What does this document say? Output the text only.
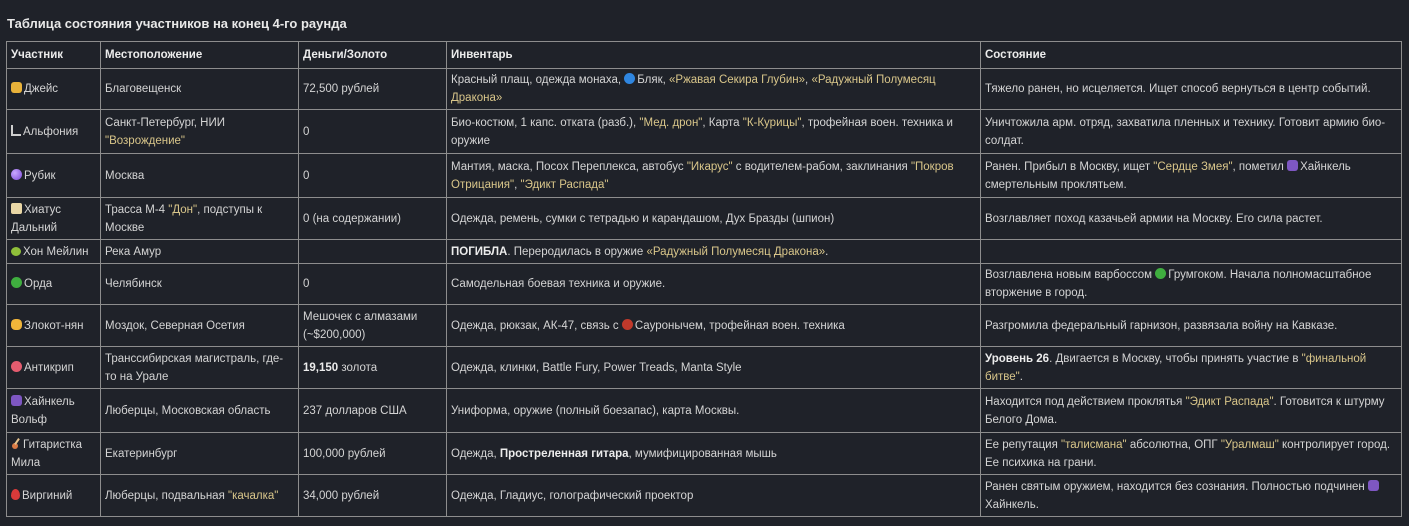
Таблица состояния участников на конец 4-го раунда
Участник	Местоположение	Деньги/Золото	Инвентарь	Состояние
Джейс	Благовещенск	72,500 рублей	Красный плащ, одежда монаха, Бляк, «Ржавая Секира Глубин», «Радужный Полумесяц Дракона»	Тяжело ранен, но исцеляется. Ищет способ вернуться в центр событий.
Альфония	Санкт-Петербург, НИИ "Возрождение"	0	Био-костюм, 1 капс. отката (разб.), "Мед. дрон", Карта "К-Курицы", трофейная воен. техника и оружие	Уничтожила арм. отряд, захватила пленных и технику. Готовит армию био-солдат.
Рубик	Москва	0	Мантия, маска, Посох Переплекса, автобус "Икарус" с водителем-рабом, заклинания "Покров Отрицания", "Эдикт Распада"	Ранен. Прибыл в Москву, ищет "Сердце Змея", пометил Хайнкель смертельным проклятьем.
Хиатус Дальний	Трасса М-4 "Дон", подступы к Москве	0 (на содержании)	Одежда, ремень, сумки с тетрадью и карандашом, Дух Бразды (шпион)	Возглавляет поход казачьей армии на Москву. Его сила растет.
Хон Мейлин	Река Амур		ПОГИБЛА. Переродилась в оружие «Радужный Полумесяц Дракона».	
Орда	Челябинск	0	Самодельная боевая техника и оружие.	Возглавлена новым варбоссом Грумгоком. Начала полномасштабное вторжение в город.
Злокот-нян	Моздок, Северная Осетия	Мешочек с алмазами (~$200,000)	Одежда, рюкзак, АК-47, связь с Сауронычем, трофейная воен. техника	Разгромила федеральный гарнизон, развязала войну на Кавказе.
Антикрип	Транссибирская магистраль, где-то на Урале	19,150 золота	Одежда, клинки, Battle Fury, Power Treads, Manta Style	Уровень 26. Двигается в Москву, чтобы принять участие в "финальной битве".
Хайнкель Вольф	Люберцы, Московская область	237 долларов США	Униформа, оружие (полный боезапас), карта Москвы.	Находится под действием проклятья "Эдикт Распада". Готовится к штурму Белого Дома.
Гитаристка Мила	Екатеринбург	100,000 рублей	Одежда, Простреленная гитара, мумифицированная мышь	Ее репутация "талисмана" абсолютна, ОПГ "Уралмаш" контролирует город. Ее психика на грани.
Виргиний	Люберцы, подвальная "качалка"	34,000 рублей	Одежда, Гладиус, голографический проектор	Ранен святым оружием, находится без сознания. Полностью подчинен Хайнкель.
